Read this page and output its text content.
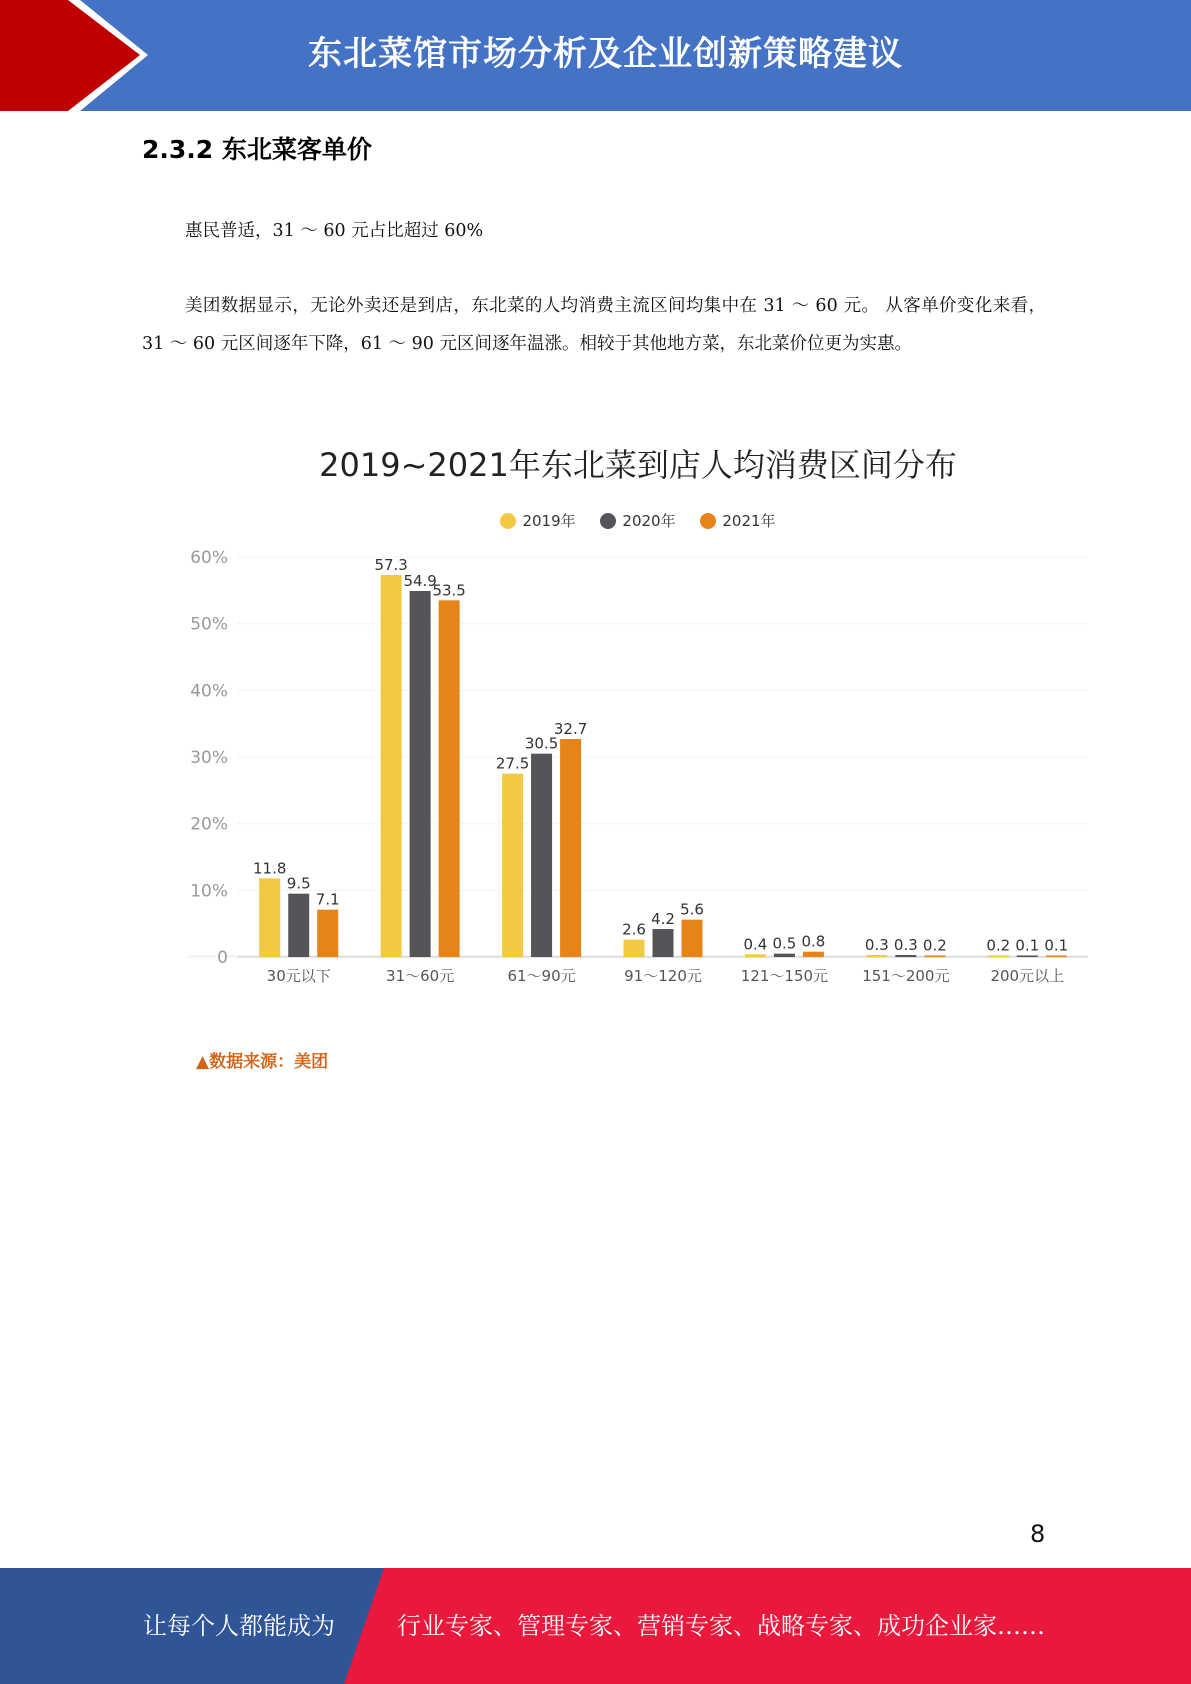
东北菜馆市场分析及企业创新策略建议
2.3.2 东北菜客单价

惠民普适，31 ～ 60 元占比超过 60%

美团数据显示，无论外卖还是到店，东北菜的人均消费主流区间均集中在 31 ～ 60 元。 从客单价变化来看，31 ～ 60 元区间逐年下降，61 ～ 90 元区间逐年温涨。相较于其他地方菜，东北菜价位更为实惠。

2019~2021年东北菜到店人均消费区间分布
2019年	2020年	2021年
0
10%
20%
30%
40%
50%
60%
11.8
9.5
7.1
30元以下
57.3
54.9
53.5
31～60元
27.5
30.5
32.7
61～90元
2.6
4.2
5.6
91～120元
0.4 0.5 0.8
121～150元
0.3 0.3 0.2
151～200元
0.2 0.1 0.1
200元以上
▲数据来源：美团
8
让每个人都能成为	行业专家、管理专家、营销专家、战略专家、成功企业家……
